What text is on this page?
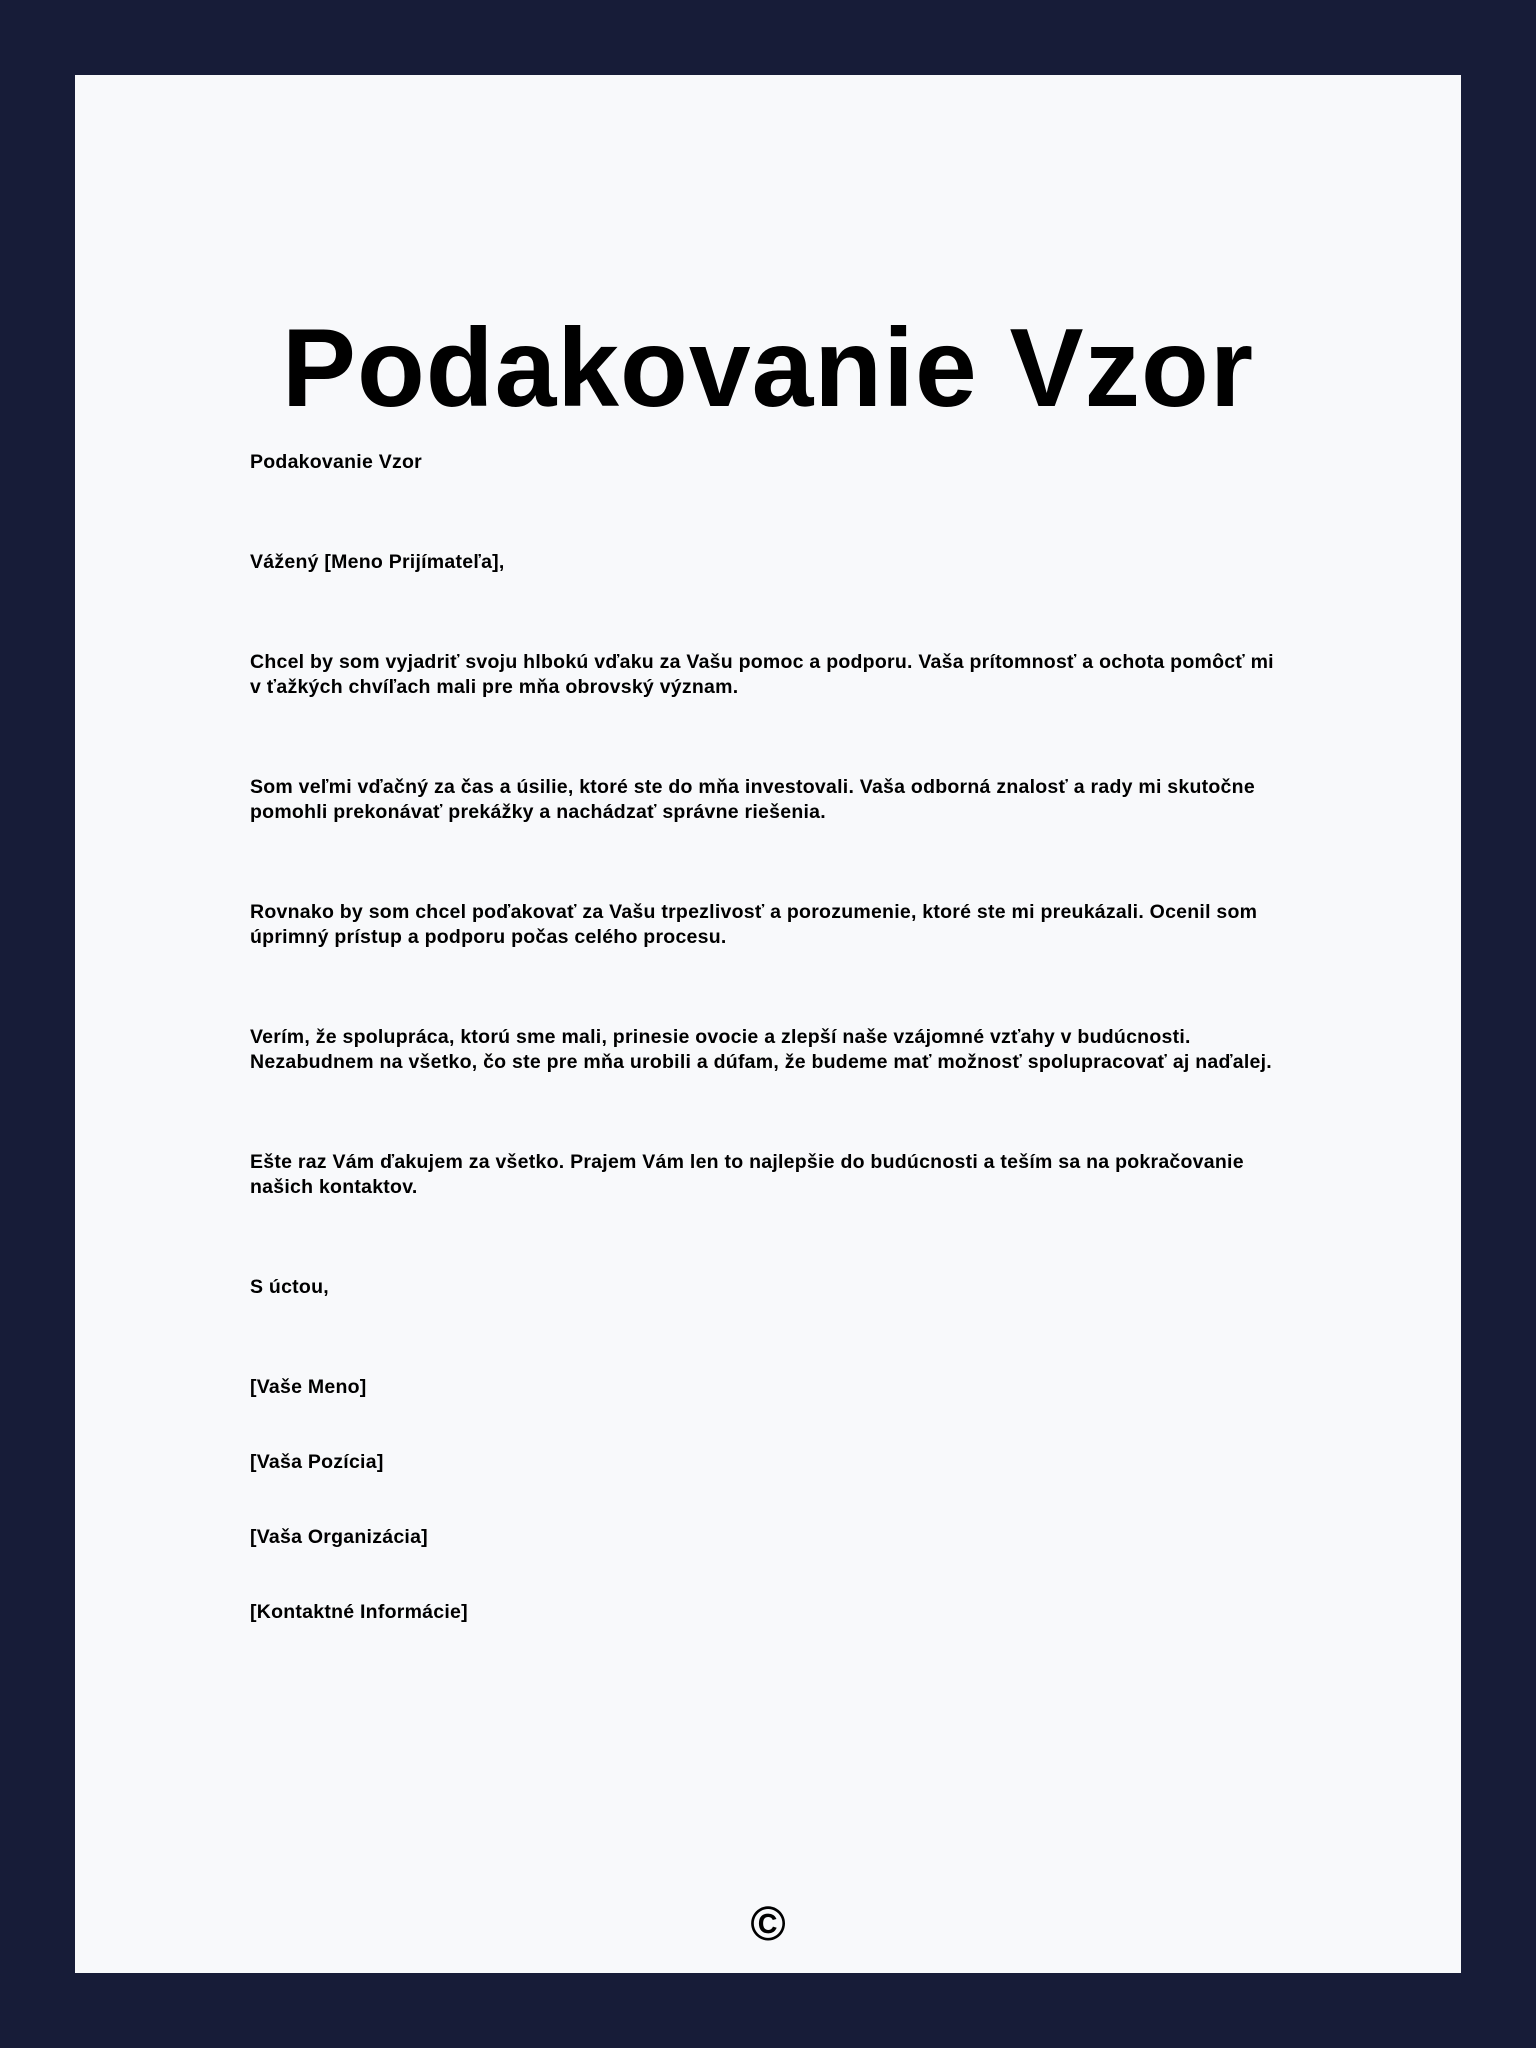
Podakovanie Vzor

Podakovanie Vzor

Vážený [Meno Prijímateľa],

Chcel by som vyjadriť svoju hlbokú vďaku za Vašu pomoc a podporu. Vaša prítomnosť a ochota pomôcť mi v ťažkých chvíľach mali pre mňa obrovský význam.

Som veľmi vďačný za čas a úsilie, ktoré ste do mňa investovali. Vaša odborná znalosť a rady mi skutočne pomohli prekonávať prekážky a nachádzať správne riešenia.

Rovnako by som chcel poďakovať za Vašu trpezlivosť a porozumenie, ktoré ste mi preukázali. Ocenil som úprimný prístup a podporu počas celého procesu.

Verím, že spolupráca, ktorú sme mali, prinesie ovocie a zlepší naše vzájomné vzťahy v budúcnosti. Nezabudnem na všetko, čo ste pre mňa urobili a dúfam, že budeme mať možnosť spolupracovať aj naďalej.

Ešte raz Vám ďakujem za všetko. Prajem Vám len to najlepšie do budúcnosti a teším sa na pokračovanie našich kontaktov.

S úctou,

[Vaše Meno]

[Vaša Pozícia]

[Vaša Organizácia]

[Kontaktné Informácie]

©
